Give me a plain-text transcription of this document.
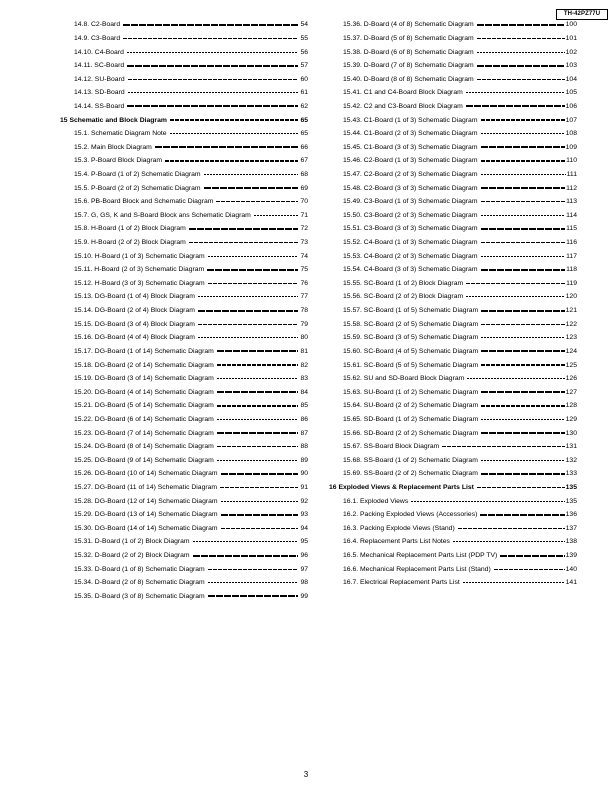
TH-42PZ77U
14.8. C2-Board	54
14.9. C3-Board	55
14.10. C4-Board	56
14.11. SC-Board	57
14.12. SU-Board	60
14.13. SD-Board	61
14.14. SS-Board	62
15 Schematic and Block Diagram	65
15.1. Schematic Diagram Note	65
15.2. Main Block Diagram	66
15.3. P-Board Block Diagram	67
15.4. P-Board (1 of 2) Schematic Diagram	68
15.5. P-Board (2 of 2) Schematic Diagram	69
15.6. PB-Board Block and Schematic Diagram	70
15.7. G, GS, K and S-Board Block ans Schematic Diagram	71
15.8. H-Board (1 of 2) Block Diagram	72
15.9. H-Board (2 of 2) Block Diagram	73
15.10. H-Board (1 of 3) Schematic Diagram	74
15.11. H-Board (2 of 3) Schematic Diagram	75
15.12. H-Board (3 of 3) Schematic Diagram	76
15.13. DG-Board (1 of 4) Block Diagram	77
15.14. DG-Board (2 of 4) Block Diagram	78
15.15. DG-Board (3 of 4) Block Diagram	79
15.16. DG-Board (4 of 4) Block Diagram	80
15.17. DG-Board (1 of 14) Schematic Diagram	81
15.18. DG-Board (2 of 14) Schematic Diagram	82
15.19. DG-Board (3 of 14) Schematic Diagram	83
15.20. DG-Board (4 of 14) Schematic Diagram	84
15.21. DG-Board (5 of 14) Schematic Diagram	85
15.22. DG-Board (6 of 14) Schematic Diagram	86
15.23. DG-Board (7 of 14) Schematic Diagram	87
15.24. DG-Board (8 of 14) Schematic Diagram	88
15.25. DG-Board (9 of 14) Schematic Diagram	89
15.26. DG-Board (10 of 14) Schematic Diagram	90
15.27. DG-Board (11 of 14) Schematic Diagram	91
15.28. DG-Board (12 of 14) Schematic Diagram	92
15.29. DG-Board (13 of 14) Schematic Diagram	93
15.30. DG-Board (14 of 14) Schematic Diagram	94
15.31. D-Board (1 of 2) Block Diagram	95
15.32. D-Board (2 of 2) Block Diagram	96
15.33. D-Board (1 of 8) Schematic Diagram	97
15.34. D-Board (2 of 8) Schematic Diagram	98
15.35. D-Board (3 of 8) Schematic Diagram	99
15.36. D-Board (4 of 8) Schematic Diagram	100
15.37. D-Board (5 of 8) Schematic Diagram	101
15.38. D-Board (6 of 8) Schematic Diagram	102
15.39. D-Board (7 of 8) Schematic Diagram	103
15.40. D-Board (8 of 8) Schematic Diagram	104
15.41. C1 and C4-Board Block Diagram	105
15.42. C2 and C3-Board Block Diagram	106
15.43. C1-Board (1 of 3) Schematic Diagram	107
15.44. C1-Board (2 of 3) Schematic Diagram	108
15.45. C1-Board (3 of 3) Schematic Diagram	109
15.46. C2-Board (1 of 3) Schematic Diagram	110
15.47. C2-Board (2 of 3) Schematic Diagram	111
15.48. C2-Board (3 of 3) Schematic Diagram	112
15.49. C3-Board (1 of 3) Schematic Diagram	113
15.50. C3-Board (2 of 3) Schematic Diagram	114
15.51. C3-Board (3 of 3) Schematic Diagram	115
15.52. C4-Board (1 of 3) Schematic Diagram	116
15.53. C4-Board (2 of 3) Schematic Diagram	117
15.54. C4-Board (3 of 3) Schematic Diagram	118
15.55. SC-Board (1 of 2) Block Diagram	119
15.56. SC-Board (2 of 2) Block Diagram	120
15.57. SC-Board (1 of 5) Schematic Diagram	121
15.58. SC-Board (2 of 5) Schematic Diagram	122
15.59. SC-Board (3 of 5) Schematic Diagram	123
15.60. SC-Board (4 of 5) Schematic Diagram	124
15.61. SC-Board (5 of 5) Schematic Diagram	125
15.62. SU and SD-Board Block Diagram	126
15.63. SU-Board (1 of 2) Schematic Diagram	127
15.64. SU-Board (2 of 2) Schematic Diagram	128
15.65. SD-Board (1 of 2) Schematic Diagram	129
15.66. SD-Board (2 of 2) Schematic Diagram	130
15.67. SS-Board Block Diagram	131
15.68. SS-Board (1 of 2) Schematic Diagram	132
15.69. SS-Board (2 of 2) Schematic Diagram	133
16 Exploded Views & Replacement Parts List	135
16.1. Exploded Views	135
16.2. Packing Exploded Views (Accessories)	136
16.3. Packing Explode Views (Stand)	137
16.4. Replacement Parts List Notes	138
16.5. Mechanical Replacement Parts List (PDP TV)	139
16.6. Mechanical Replacement Parts List (Stand)	140
16.7. Electrical Replacement Parts List	141
3
